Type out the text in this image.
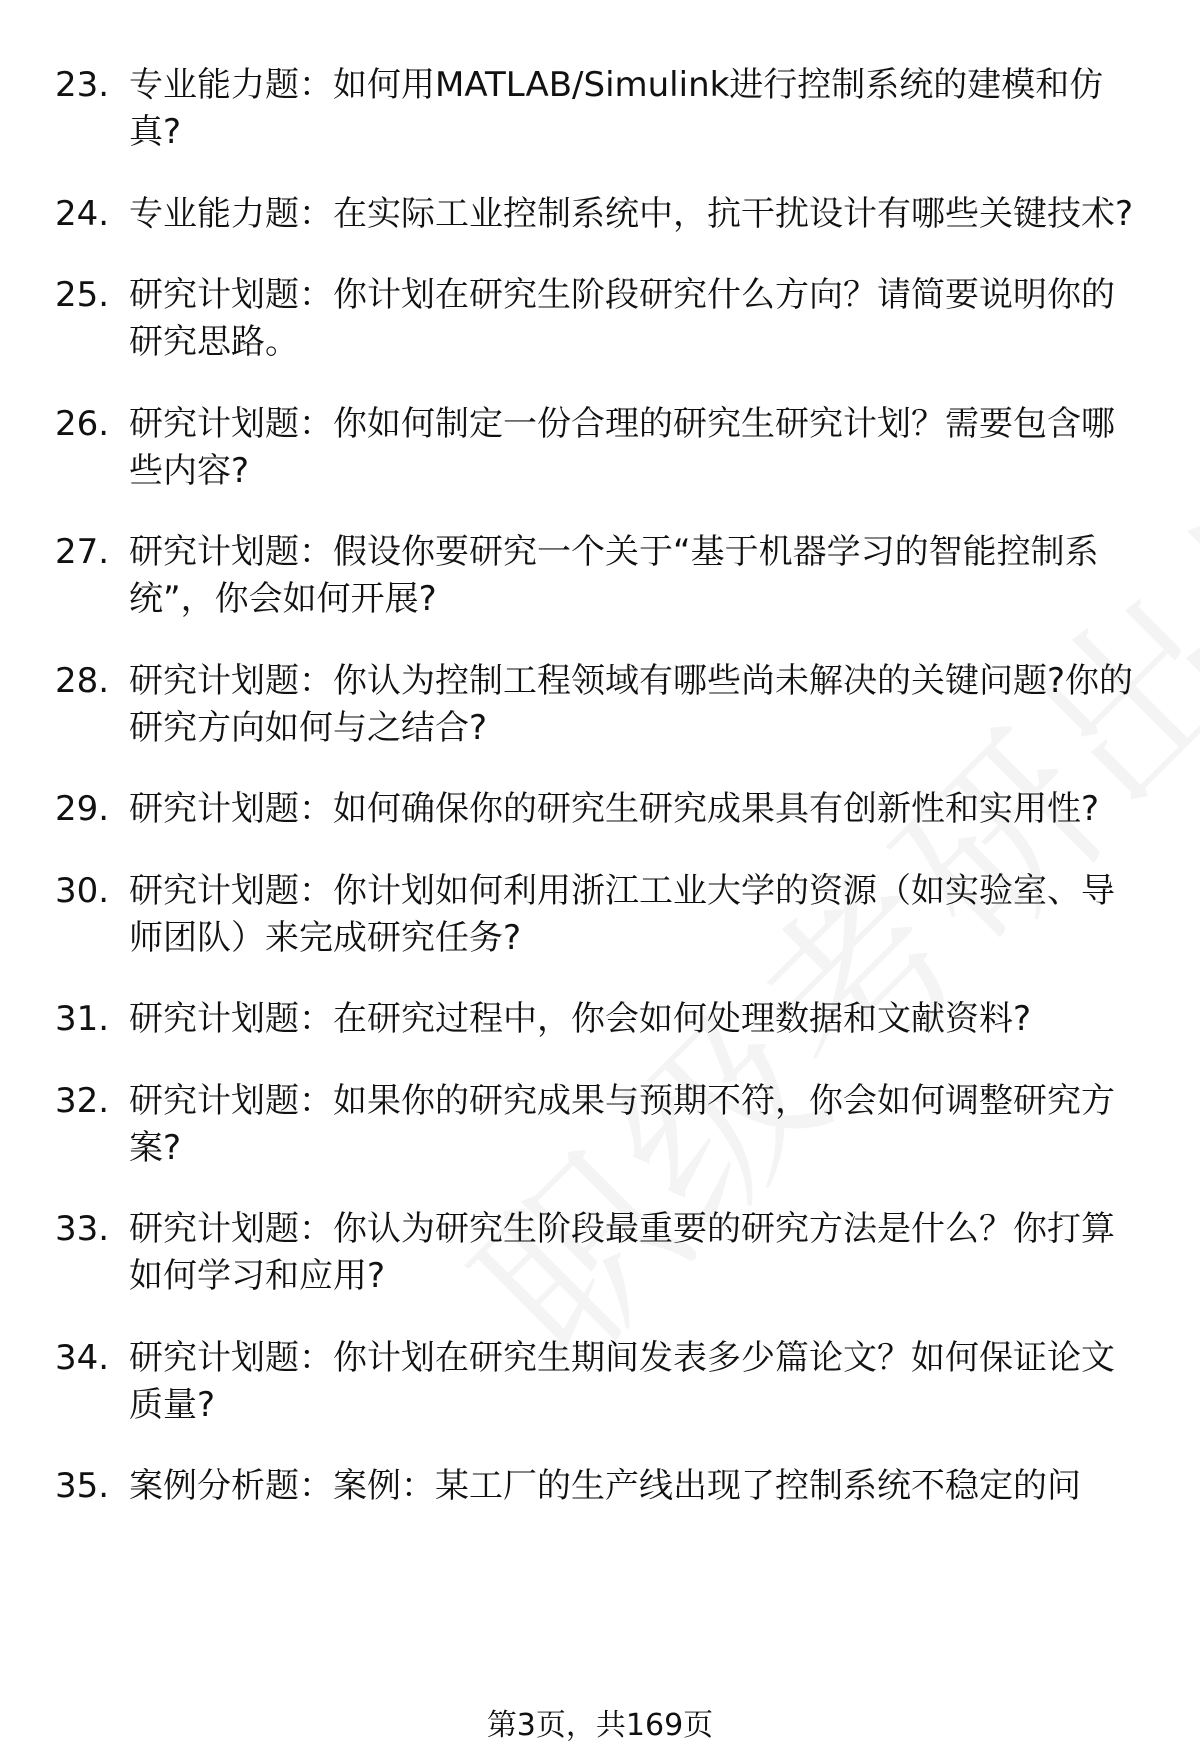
23. 专业能力题：如何用MATLAB/Simulink进行控制系统的建模和仿真?
24. 专业能力题：在实际工业控制系统中，抗干扰设计有哪些关键技术?
25. 研究计划题：你计划在研究生阶段研究什么方向？请简要说明你的研究思路。
26. 研究计划题：你如何制定一份合理的研究生研究计划？需要包含哪些内容?
27. 研究计划题：假设你要研究一个关于“基于机器学习的智能控制系统”，你会如何开展?
28. 研究计划题：你认为控制工程领域有哪些尚未解决的关键问题?你的研究方向如何与之结合?
29. 研究计划题：如何确保你的研究生研究成果具有创新性和实用性?
30. 研究计划题：你计划如何利用浙江工业大学的资源（如实验室、导师团队）来完成研究任务?
31. 研究计划题：在研究过程中，你会如何处理数据和文献资料?
32. 研究计划题：如果你的研究成果与预期不符，你会如何调整研究方案?
33. 研究计划题：你认为研究生阶段最重要的研究方法是什么？你打算如何学习和应用?
34. 研究计划题：你计划在研究生期间发表多少篇论文？如何保证论文质量?
35. 案例分析题：案例：某工厂的生产线出现了控制系统不稳定的问
第3页，共169页
